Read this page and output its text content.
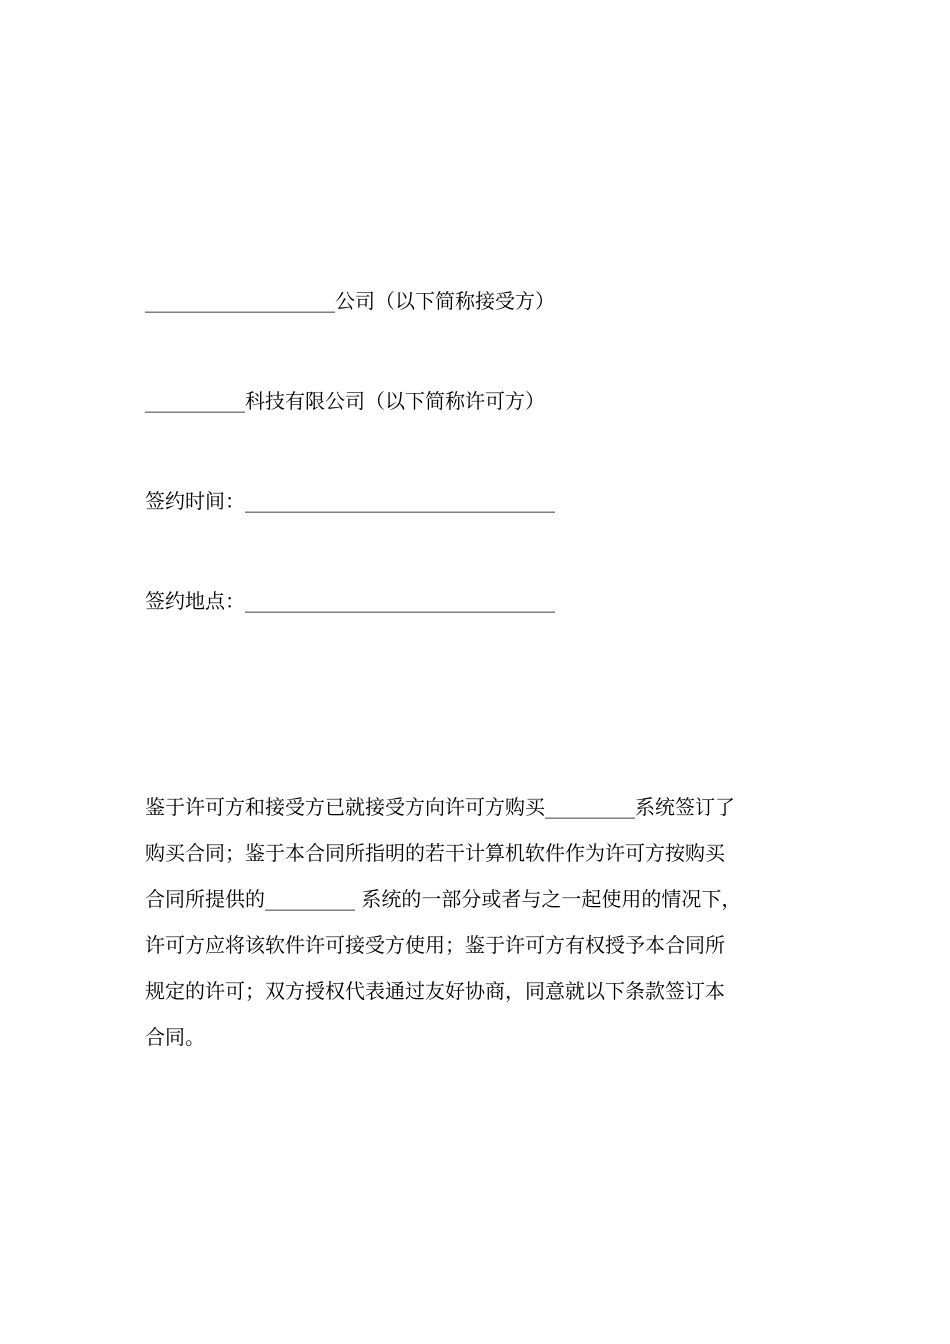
___________________公司（以下简称接受方）
__________科技有限公司（以下简称许可方）
签约时间：_______________________________
签约地点：_______________________________
鉴于许可方和接受方已就接受方向许可方购买_________系统签订了
购买合同；鉴于本合同所指明的若干计算机软件作为许可方按购买
合同所提供的_________ 系统的一部分或者与之一起使用的情况下，
许可方应将该软件许可接受方使用；鉴于许可方有权授予本合同所
规定的许可；双方授权代表通过友好协商，同意就以下条款签订本
合同。
